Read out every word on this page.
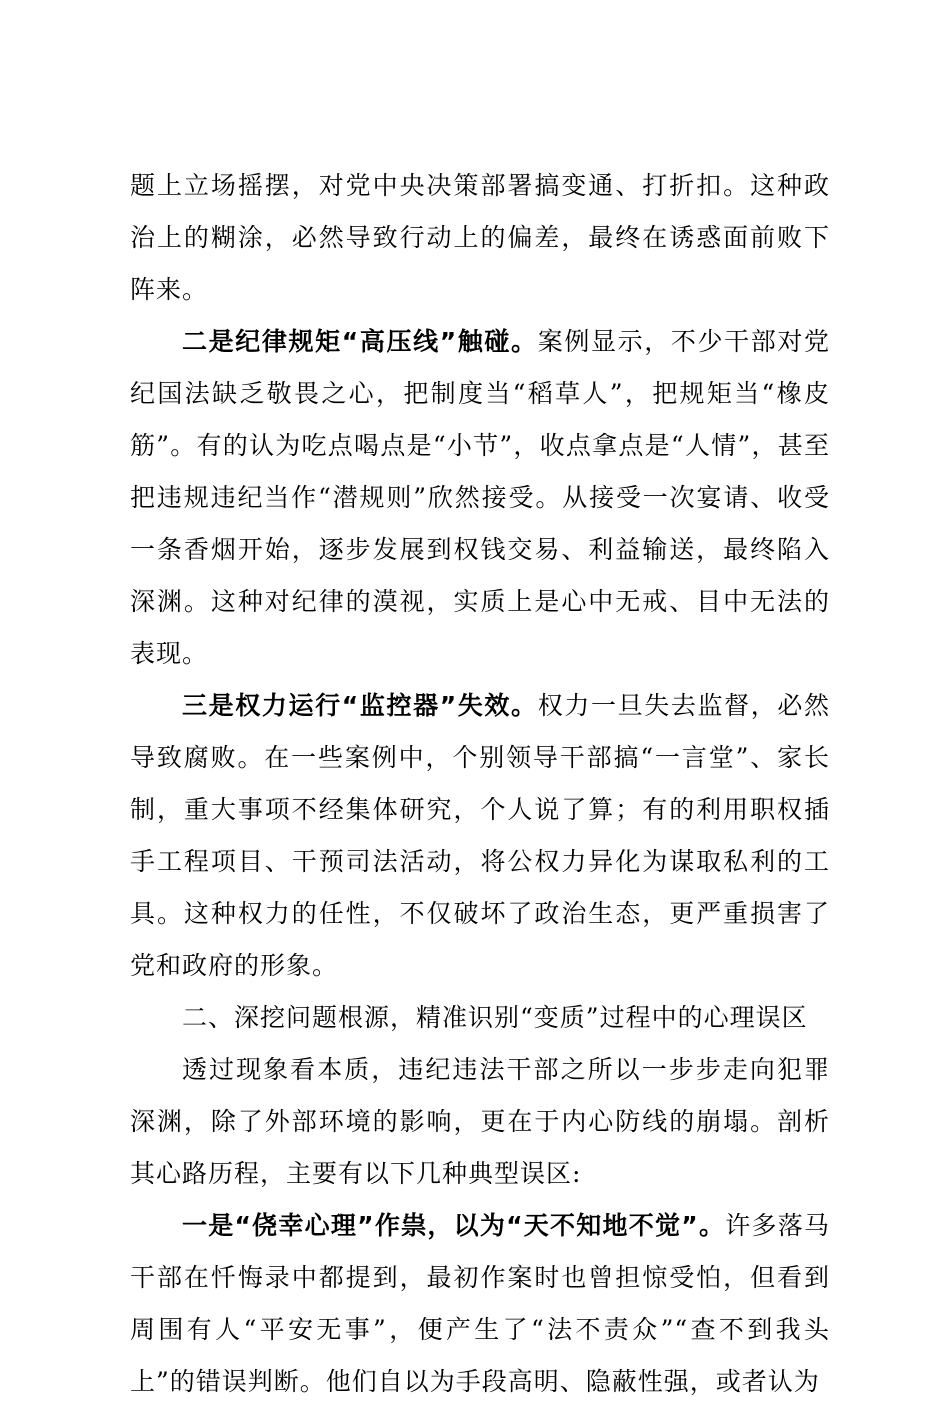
题上立场摇摆，对党中央决策部署搞变通、打折扣。这种政治上的糊涂，必然导致行动上的偏差，最终在诱惑面前败下阵来。

二是纪律规矩“高压线”触碰。案例显示，不少干部对党纪国法缺乏敬畏之心，把制度当“稻草人”，把规矩当“橡皮筋”。有的认为吃点喝点是“小节”，收点拿点是“人情”，甚至把违规违纪当作“潜规则”欣然接受。从接受一次宴请、收受一条香烟开始，逐步发展到权钱交易、利益输送，最终陷入深渊。这种对纪律的漠视，实质上是心中无戒、目中无法的表现。

三是权力运行“监控器”失效。权力一旦失去监督，必然导致腐败。在一些案例中，个别领导干部搞“一言堂”、家长制，重大事项不经集体研究，个人说了算；有的利用职权插手工程项目、干预司法活动，将公权力异化为谋取私利的工具。这种权力的任性，不仅破坏了政治生态，更严重损害了党和政府的形象。

二、深挖问题根源，精准识别“变质”过程中的心理误区

透过现象看本质，违纪违法干部之所以一步步走向犯罪深渊，除了外部环境的影响，更在于内心防线的崩塌。剖析其心路历程，主要有以下几种典型误区:

一是“侥幸心理”作祟，以为“天不知地不觉”。许多落马干部在忏悔录中都提到，最初作案时也曾担惊受怕，但看到周围有人“平安无事”，便产生了“法不责众”“查不到我头上”的错误判断。他们自以为手段高明、隐蔽性强，或者认为
